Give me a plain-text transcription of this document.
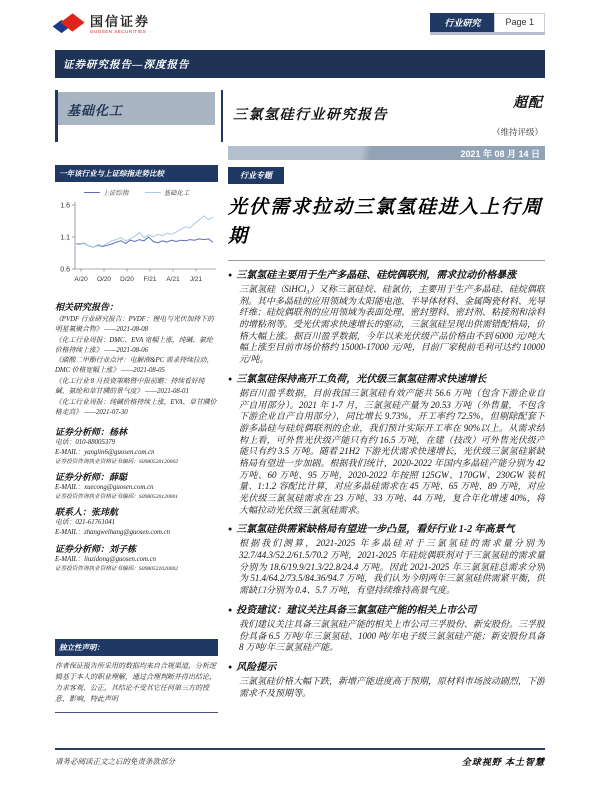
国信证券
GUOSEN SECURITIES
行业研究	Page 1
证券研究报告—深度报告
基础化工	三氯氢硅行业研究报告
超配
（维持评级）
2021 年 08 月 14 日
一年该行业与上证综指走势比较
上证综指	基础化工
0.6
1.1
1.6
A/20 O/20 D/20 F/21 A/21 J/21
相关研究报告：
《PVDF 行业研究报告：PVDF：锂电与光伏加持下的明星氟聚合物》 ——2021-08-08
《化工行业周报：DMC、EVA 宽幅上涨，纯碱、氨纶价格持续上涨》 ——2021-08-06
《碳酸二甲酯行业点评：电解液&PC 需求持续拉动，DMC 价格宽幅上涨》 ——2021-08-05
《化工行业 8 月投资策略暨中报前瞻：持续看好纯碱、氨纶和草甘膦的景气度》 ——2021-08-01
《化工行业周报：纯碱价格持续上涨，EVA、草甘膦价格走高》 ——2021-07-30
证券分析师：杨林
电话：010-88005379
E-MAIL：yanglin6@guosen.com.cn
证券投资咨询执业资格证书编码：S0980520120002
证券分析师：薛聪
E-MAIL：xuecong@guosen.com.cn
证券投资咨询执业资格证书编码：S0980520120001
联系人：张玮航
电话：021-61761041
E-MAIL：zhangweihang@guosen.com.cn
证券分析师：刘子栋
E-MAIL：liuzidong@guosen.com.cn
证券投资咨询执业资格证书编码：S0980521020002
独立性声明：
作者保证报告所采用的数据均来自合规渠道，分析逻辑基于本人的职业理解，通过合理判断并得出结论，力求客观、公正，其结论不受其它任何第三方的授意、影响，特此声明
行业专题
光伏需求拉动三氯氢硅进入上行周期
● 三氯氢硅主要用于生产多晶硅、硅烷偶联剂，需求拉动价格暴涨
三氯氢硅（SiHCl₃）又称三氯硅烷、硅氯仿，主要用于生产多晶硅、硅烷偶联剂。其中多晶硅的应用领域为太阳能电池、半导体材料、金属陶瓷材料、光导纤维；硅烷偶联剂的应用领域为表面处理、密封塑料、密封剂、粘接剂和涂料的增粘剂等。受光伏需求快速增长的驱动，三氯氢硅呈现出供需错配格局，价格大幅上涨。据百川盈孚数据，今年以来光伏级产品价格由不到 6000 元/吨大幅上涨至目前市场价格约 15000-17000 元/吨，目前厂家税前毛利可达约 10000 元/吨。
● 三氯氢硅保持高开工负荷，光伏级三氯氢硅需求快速增长
据百川盈孚数据，目前我国三氯氢硅有效产能共 56.6 万吨（包含下游企业自产自用部分）。2021 年 1-7 月，三氯氢硅产量为 20.53 万吨（外售量，不包含下游企业自产自用部分），同比增长 9.73%，开工率约 72.5%，但剔除配套下游多晶硅与硅烷偶联剂的企业，我们预计实际开工率在 90%以上。从需求结构上看，可外售光伏级产能只有约 16.5 万吨，在建（技改）可外售光伏级产能只有约 3.5 万吨。随着 21H2 下游光伏需求快速增长，光伏级三氯氢硅紧缺格局有望进一步加剧。根据我们统计，2020-2022 年国内多晶硅产能分别为 42 万吨、60 万吨、95 万吨，2020-2022 年按照 125GW、170GW、230GW 装机量、1:1.2 容配比计算，对应多晶硅需求在 45 万吨、65 万吨、89 万吨，对应光伏级三氯氢硅需求在 23 万吨、33 万吨、44 万吨，复合年化增速 40%，将大幅拉动光伏级三氯氢硅需求。
● 三氯氢硅供需紧缺格局有望进一步凸显，看好行业 1-2 年高景气
根据我们测算，2021-2025 年多晶硅对于三氯氢硅的需求量分别为 32.7/44.3/52.2/61.5/70.2 万吨，2021-2025 年硅烷偶联剂对于三氯氢硅的需求量分别为 18.6/19.9/21.3/22.8/24.4 万吨。因此 2021-2025 年三氯氢硅总需求分别为 51.4/64.2/73.5/84.36/94.7 万吨，我们认为今明两年三氯氢硅供需紧平衡，供需缺口分别为 0.4、5.7 万吨，有望持续维持高景气度。
● 投资建议：建议关注具备三氯氢硅产能的相关上市公司
我们建议关注具备三氯氢硅产能的相关上市公司三孚股份、新安股份。三孚股份具备 6.5 万吨/年三氯氢硅、1000 吨/年电子级三氯氢硅产能；新安股份具备 8 万吨/年三氯氢硅产能。
● 风险提示
三氯氢硅价格大幅下跌，新增产能进度高于预期，原材料市场波动剧烈，下游需求不及预期等。
请务必阅读正文之后的免责条款部分	全球视野 本土智慧
